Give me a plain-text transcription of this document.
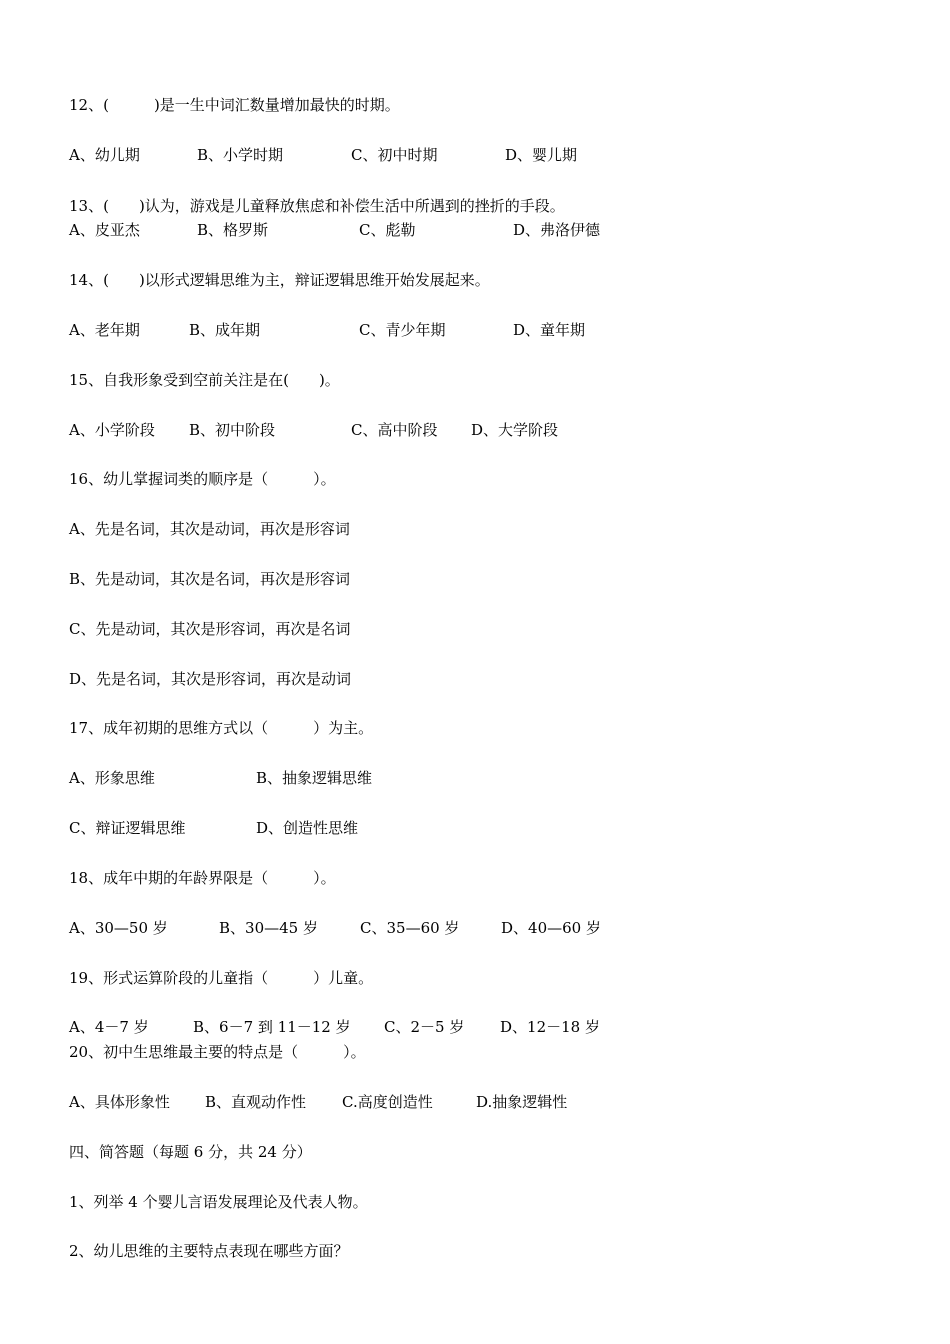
12、(　　　)是一生中词汇数量增加最快的时期。
A、幼儿期	B、小学时期	C、初中时期	D、婴儿期
13、(　　)认为，游戏是儿童释放焦虑和补偿生活中所遇到的挫折的手段。
A、皮亚杰	B、格罗斯	C、彪勒	D、弗洛伊德
14、(　　)以形式逻辑思维为主，辩证逻辑思维开始发展起来。
A、老年期	B、成年期	C、青少年期	D、童年期
15、自我形象受到空前关注是在(　　)。
A、小学阶段 B、初中阶段	C、高中阶段 D、大学阶段
16、幼儿掌握词类的顺序是（　　　）。
A、先是名词，其次是动词，再次是形容词
B、先是动词，其次是名词，再次是形容词
C、先是动词，其次是形容词，再次是名词
D、先是名词，其次是形容词，再次是动词
17、成年初期的思维方式以（　　　）为主。
A、形象思维	B、抽象逻辑思维
C、辩证逻辑思维	D、创造性思维
18、成年中期的年龄界限是（　　　）。
A、30—50 岁	B、30—45 岁	C、35—60 岁	D、40—60 岁
19、形式运算阶段的儿童指（　　　）儿童。
A、4－7 岁	B、6－7 到 11－12 岁 C、2－5 岁 D、12－18 岁
20、初中生思维最主要的特点是（　　　）。
A、具体形象性 B、直观动作性 C.高度创造性	D.抽象逻辑性
四、简答题（每题 6 分，共 24 分）
1、列举 4 个婴儿言语发展理论及代表人物。
2、幼儿思维的主要特点表现在哪些方面？
